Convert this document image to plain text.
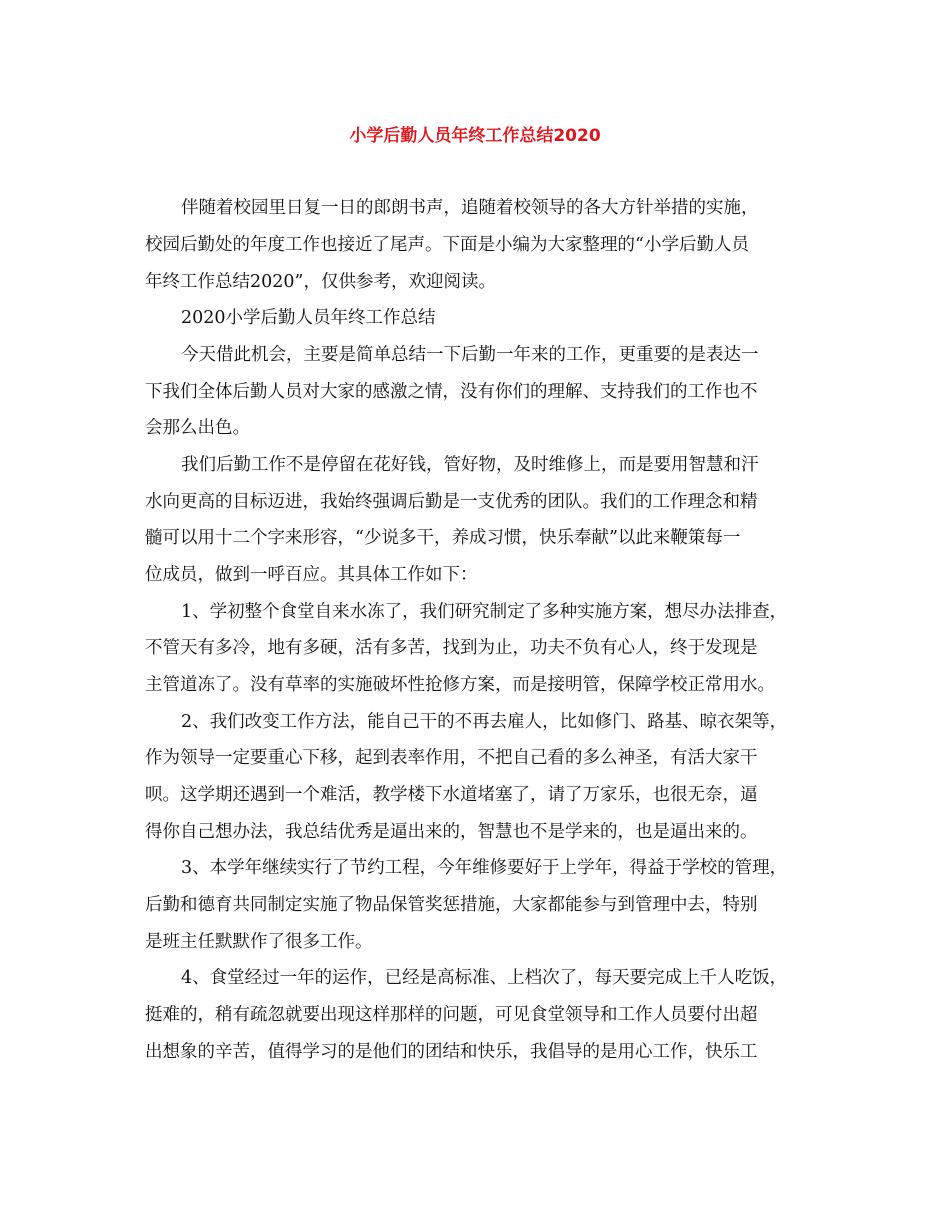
小学后勤人员年终工作总结2020
伴随着校园里日复一日的郎朗书声，追随着校领导的各大方针举措的实施，
校园后勤处的年度工作也接近了尾声。下面是小编为大家整理的“小学后勤人员
年终工作总结2020”，仅供参考，欢迎阅读。
2020小学后勤人员年终工作总结
今天借此机会，主要是简单总结一下后勤一年来的工作，更重要的是表达一
下我们全体后勤人员对大家的感激之情，没有你们的理解、支持我们的工作也不
会那么出色。
我们后勤工作不是停留在花好钱，管好物，及时维修上，而是要用智慧和汗
水向更高的目标迈进，我始终强调后勤是一支优秀的团队。我们的工作理念和精
髓可以用十二个字来形容，“少说多干，养成习惯，快乐奉献”以此来鞭策每一
位成员，做到一呼百应。其具体工作如下：
1、学初整个食堂自来水冻了，我们研究制定了多种实施方案，想尽办法排查，
不管天有多冷，地有多硬，活有多苦，找到为止，功夫不负有心人，终于发现是
主管道冻了。没有草率的实施破坏性抢修方案，而是接明管，保障学校正常用水。
2、我们改变工作方法，能自己干的不再去雇人，比如修门、路基、晾衣架等，
作为领导一定要重心下移，起到表率作用，不把自己看的多么神圣，有活大家干
呗。这学期还遇到一个难活，教学楼下水道堵塞了，请了万家乐，也很无奈，逼
得你自己想办法，我总结优秀是逼出来的，智慧也不是学来的，也是逼出来的。
3、本学年继续实行了节约工程，今年维修要好于上学年，得益于学校的管理，
后勤和德育共同制定实施了物品保管奖惩措施，大家都能参与到管理中去，特别
是班主任默默作了很多工作。
4、食堂经过一年的运作，已经是高标准、上档次了，每天要完成上千人吃饭，
挺难的，稍有疏忽就要出现这样那样的问题，可见食堂领导和工作人员要付出超
出想象的辛苦，值得学习的是他们的团结和快乐，我倡导的是用心工作，快乐工
